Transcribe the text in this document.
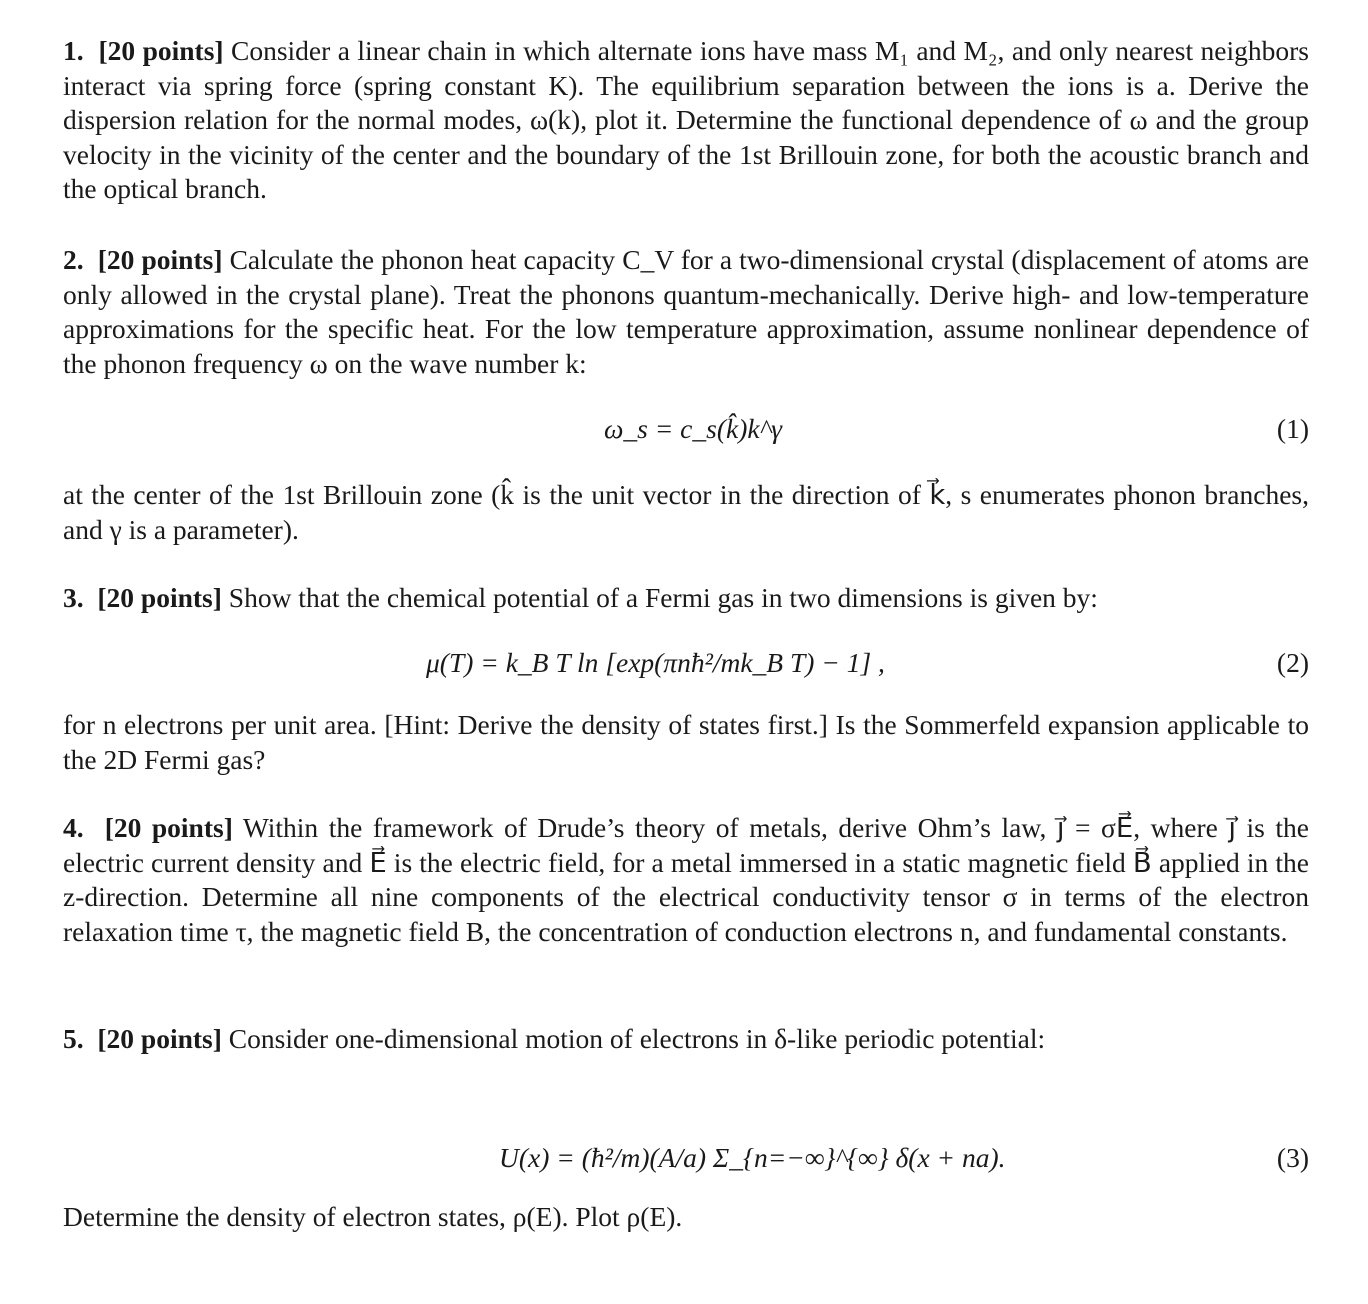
1. [20 points] Consider a linear chain in which alternate ions have mass M₁ and M₂, and only nearest neighbors interact via spring force (spring constant K). The equilibrium separation between the ions is a. Derive the dispersion relation for the normal modes, ω(k), plot it. Determine the functional dependence of ω and the group velocity in the vicinity of the center and the boundary of the 1st Brillouin zone, for both the acoustic branch and the optical branch.

2. [20 points] Calculate the phonon heat capacity C_V for a two-dimensional crystal (displacement of atoms are only allowed in the crystal plane). Treat the phonons quantum-mechanically. Derive high- and low-temperature approximations for the specific heat. For the low temperature approximation, assume nonlinear dependence of the phonon frequency ω on the wave number k:

ω_s = c_s(k̂)k^γ	(1)

at the center of the 1st Brillouin zone (k̂ is the unit vector in the direction of k⃗, s enumerates phonon branches, and γ is a parameter).

3. [20 points] Show that the chemical potential of a Fermi gas in two dimensions is given by:

μ(T) = k_B T ln [exp(πnħ²/mk_B T) − 1] ,	(2)

for n electrons per unit area. [Hint: Derive the density of states first.] Is the Sommerfeld expansion applicable to the 2D Fermi gas?

4. [20 points] Within the framework of Drude’s theory of metals, derive Ohm’s law, j⃗ = σE⃗, where j⃗ is the electric current density and E⃗ is the electric field, for a metal immersed in a static magnetic field B⃗ applied in the z-direction. Determine all nine components of the electrical conductivity tensor σ in terms of the electron relaxation time τ, the magnetic field B, the concentration of conduction electrons n, and fundamental constants.

5. [20 points] Consider one-dimensional motion of electrons in δ-like periodic potential:

U(x) = (ħ²/m)(A/a) Σ_{n=−∞}^{∞} δ(x + na).	(3)

Determine the density of electron states, ρ(E). Plot ρ(E).
